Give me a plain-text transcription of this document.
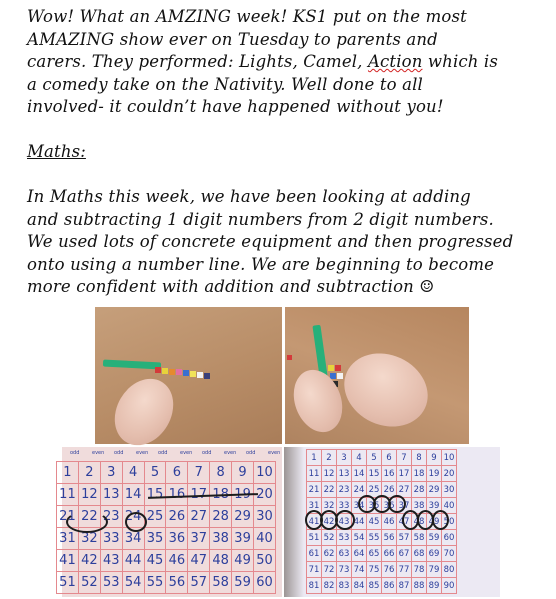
Wow! What an AMZING week! KS1 put on the most

AMAZING show ever on Tuesday to parents and

carers. They performed: Lights, Camel, Action which is

a comedy take on the Nativity. Well done to all

involved- it couldn’t have happened without you!

Maths:

In Maths this week, we have been looking at adding

and subtracting 1 digit numbers from 2 digit numbers.

We used lots of concrete equipment and then progressed

onto using a number line. We are beginning to become

more confident with addition and subtraction ☺

odd	even odd	even odd	even odd	even odd	even
1	2	3	4	5	6	7	8	9	10
11	12	13	14	15	16	17	18	19	20
21	22	23	24	25	26	27	28	29	30
31	32	33	34	35	36	37	38	39	40
41	42	43	44	45	46	47	48	49	50
51	52	53	54	55	56	57	58	59	60
1	2	3	4	5	6	7	8	9	10
11	12	13	14	15	16	17	18	19	20
21	22	23	24	25	26	27	28	29	30
31	32	33	34	35	36	37	38	39	40
41	42	43	44	45	46	47	48	49	50
51	52	53	54	55	56	57	58	59	60
61	62	63	64	65	66	67	68	69	70
71	72	73	74	75	76	77	78	79	80
81	82	83	84	85	86	87	88	89	90
